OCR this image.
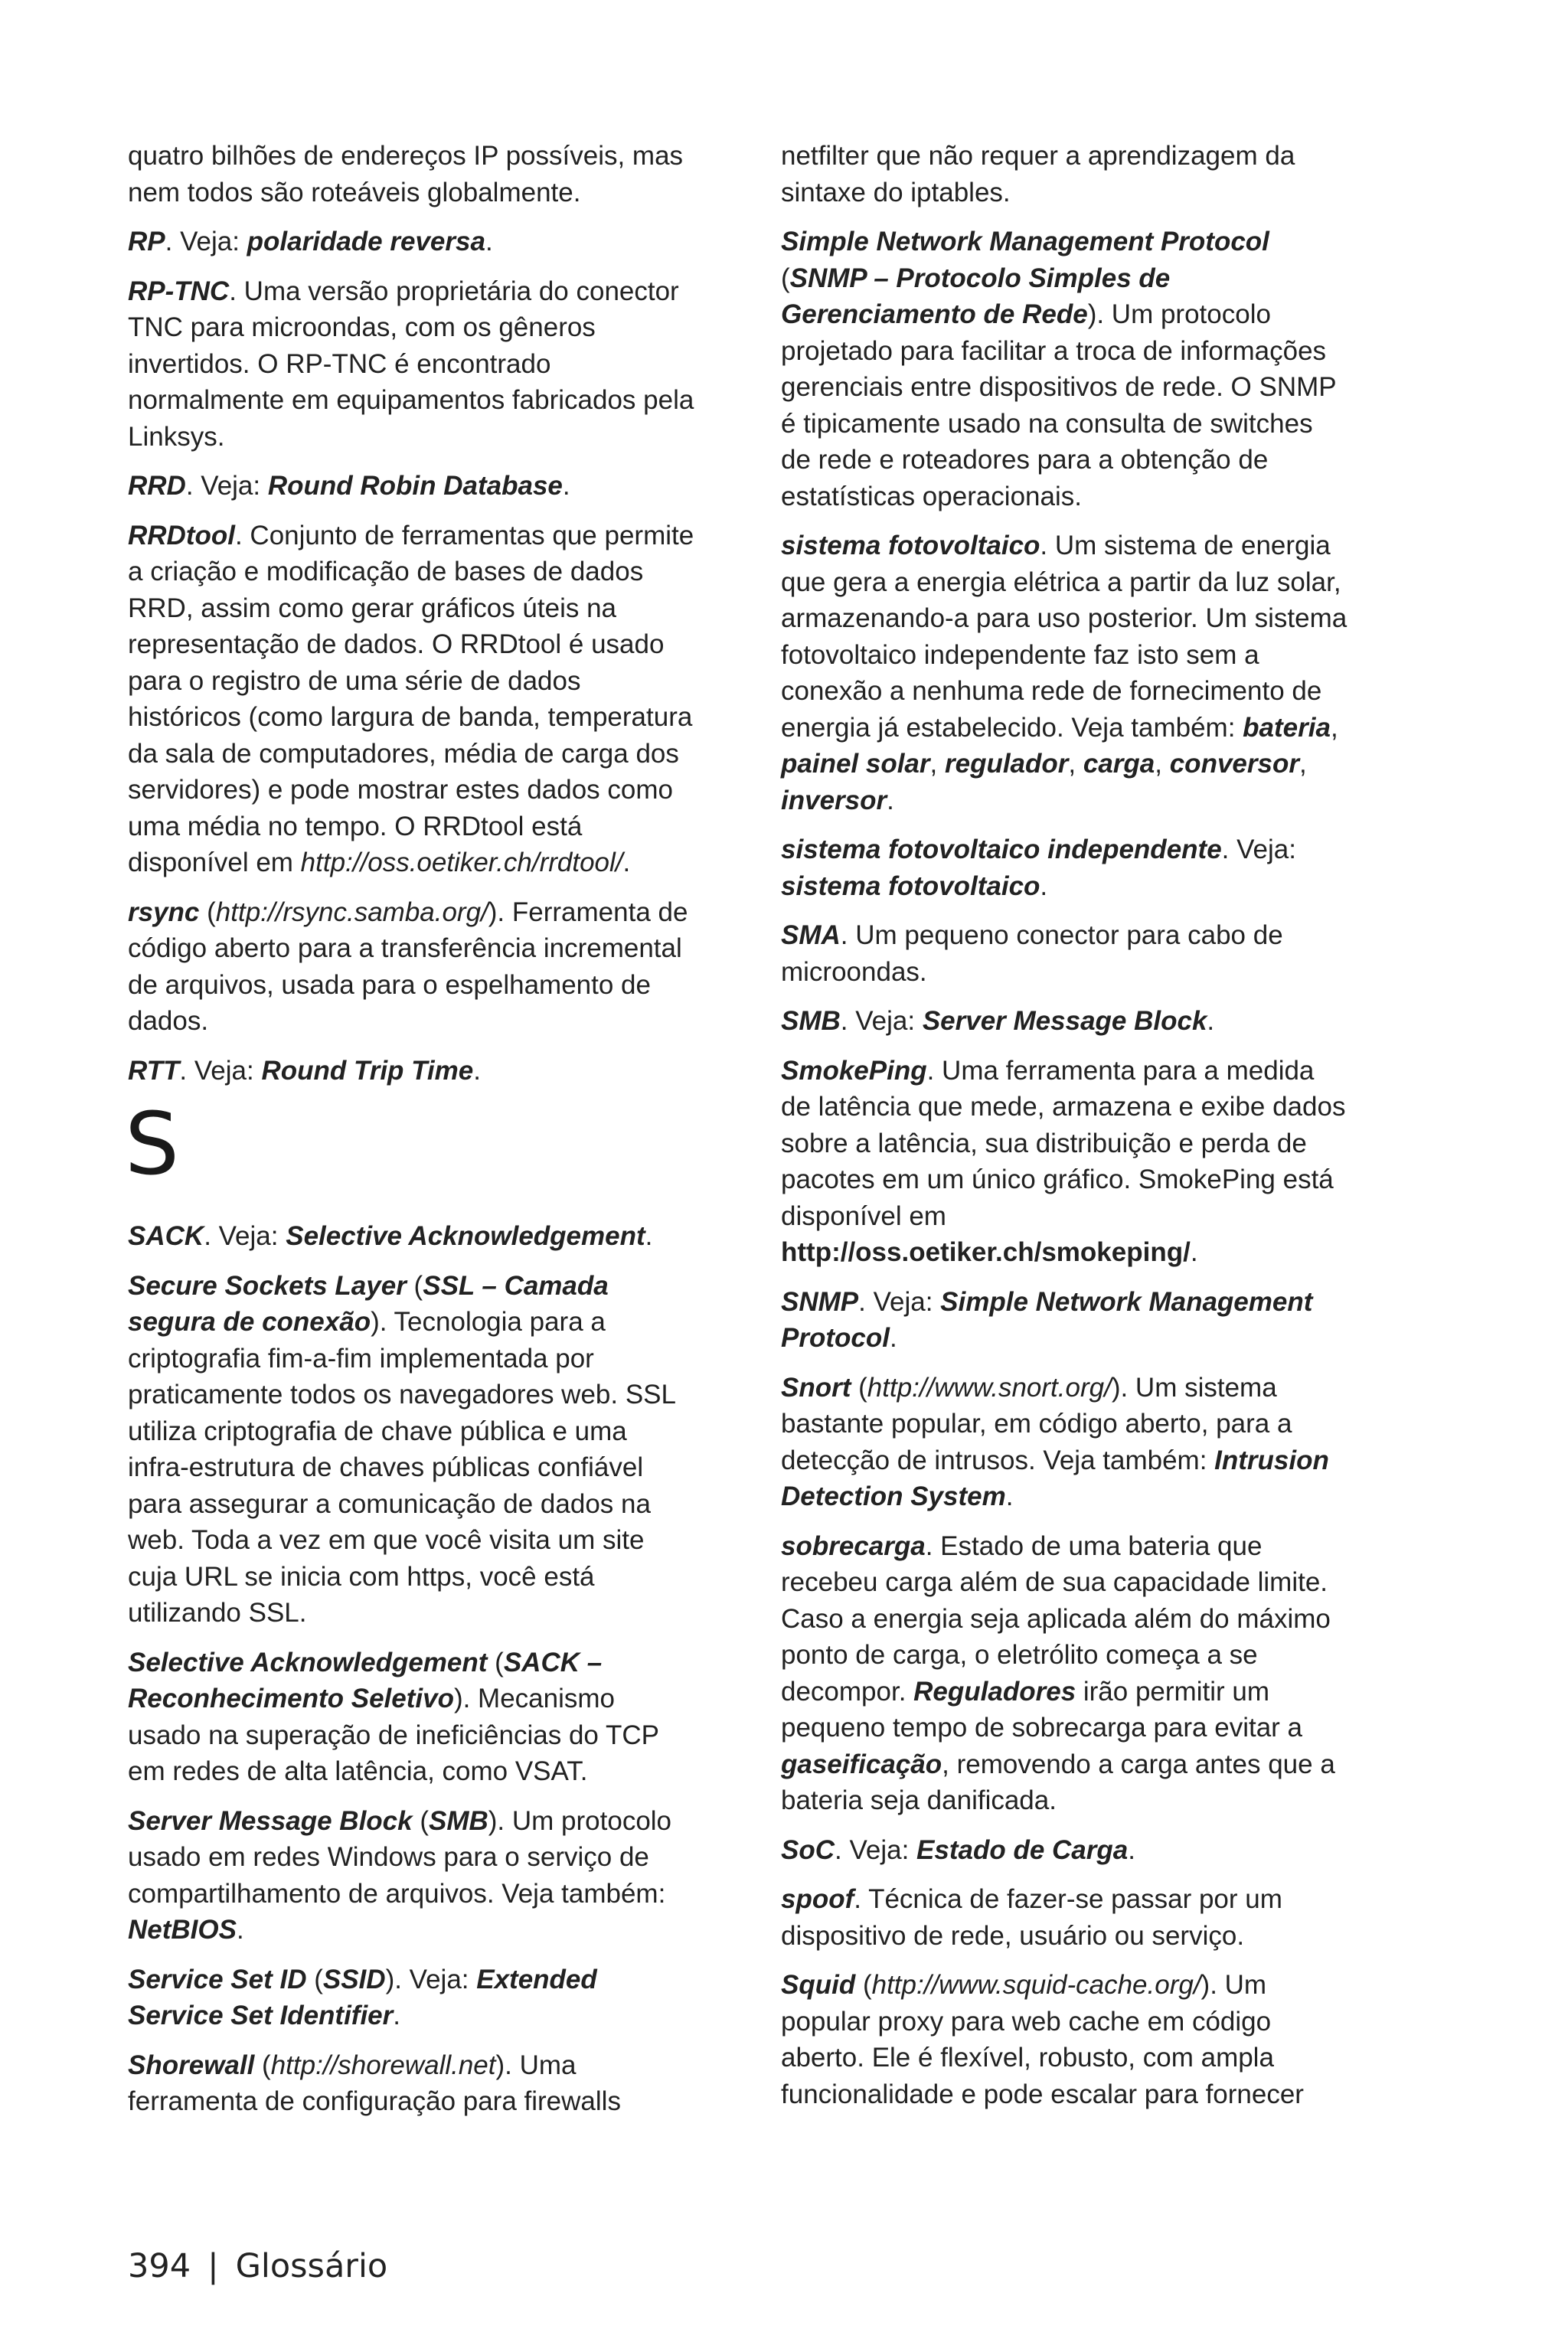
quatro bilhões de endereços IP possíveis, mas nem todos são roteáveis globalmente.

RP. Veja: polaridade reversa.

RP-TNC. Uma versão proprietária do conector TNC para microondas, com os gêneros invertidos. O RP-TNC é encontrado normalmente em equipamentos fabricados pela Linksys.

RRD. Veja: Round Robin Database.

RRDtool. Conjunto de ferramentas que permite a criação e modificação de bases de dados RRD, assim como gerar gráficos úteis na representação de dados. O RRDtool é usado para o registro de uma série de dados históricos (como largura de banda, temperatura da sala de computadores, média de carga dos servidores) e pode mostrar estes dados como uma média no tempo. O RRDtool está disponível em http://oss.oetiker.ch/rrdtool/.

rsync (http://rsync.samba.org/). Ferramenta de código aberto para a transferência incremental de arquivos, usada para o espelhamento de dados.

RTT. Veja: Round Trip Time.

S

SACK. Veja: Selective Acknowledgement.

Secure Sockets Layer (SSL – Camada segura de conexão). Tecnologia para a criptografia fim-a-fim implementada por praticamente todos os navegadores web. SSL utiliza criptografia de chave pública e uma infra-estrutura de chaves públicas confiável para assegurar a comunicação de dados na web. Toda a vez em que você visita um site cuja URL se inicia com https, você está utilizando SSL.

Selective Acknowledgement (SACK – Reconhecimento Seletivo). Mecanismo usado na superação de ineficiências do TCP em redes de alta latência, como VSAT.

Server Message Block (SMB). Um protocolo usado em redes Windows para o serviço de compartilhamento de arquivos. Veja também: NetBIOS.

Service Set ID (SSID). Veja: Extended Service Set Identifier.

Shorewall (http://shorewall.net). Uma ferramenta de configuração para firewalls

netfilter que não requer a aprendizagem da sintaxe do iptables.

Simple Network Management Protocol (SNMP – Protocolo Simples de Gerenciamento de Rede). Um protocolo projetado para facilitar a troca de informações gerenciais entre dispositivos de rede. O SNMP é tipicamente usado na consulta de switches de rede e roteadores para a obtenção de estatísticas operacionais.

sistema fotovoltaico. Um sistema de energia que gera a energia elétrica a partir da luz solar, armazenando-a para uso posterior. Um sistema fotovoltaico independente faz isto sem a conexão a nenhuma rede de fornecimento de energia já estabelecido. Veja também: bateria, painel solar, regulador, carga, conversor, inversor.

sistema fotovoltaico independente. Veja: sistema fotovoltaico.

SMA. Um pequeno conector para cabo de microondas.

SMB. Veja: Server Message Block.

SmokePing. Uma ferramenta para a medida de latência que mede, armazena e exibe dados sobre a latência, sua distribuição e perda de pacotes em um único gráfico. SmokePing está disponível em http://oss.oetiker.ch/smokeping/.

SNMP. Veja: Simple Network Management Protocol.

Snort (http://www.snort.org/). Um sistema bastante popular, em código aberto, para a detecção de intrusos. Veja também: Intrusion Detection System.

sobrecarga. Estado de uma bateria que recebeu carga além de sua capacidade limite. Caso a energia seja aplicada além do máximo ponto de carga, o eletrólito começa a se decompor. Reguladores irão permitir um pequeno tempo de sobrecarga para evitar a gaseificação, removendo a carga antes que a bateria seja danificada.

SoC. Veja: Estado de Carga.

spoof. Técnica de fazer-se passar por um dispositivo de rede, usuário ou serviço.

Squid (http://www.squid-cache.org/). Um popular proxy para web cache em código aberto. Ele é flexível, robusto, com ampla funcionalidade e pode escalar para fornecer

394 | Glossário
